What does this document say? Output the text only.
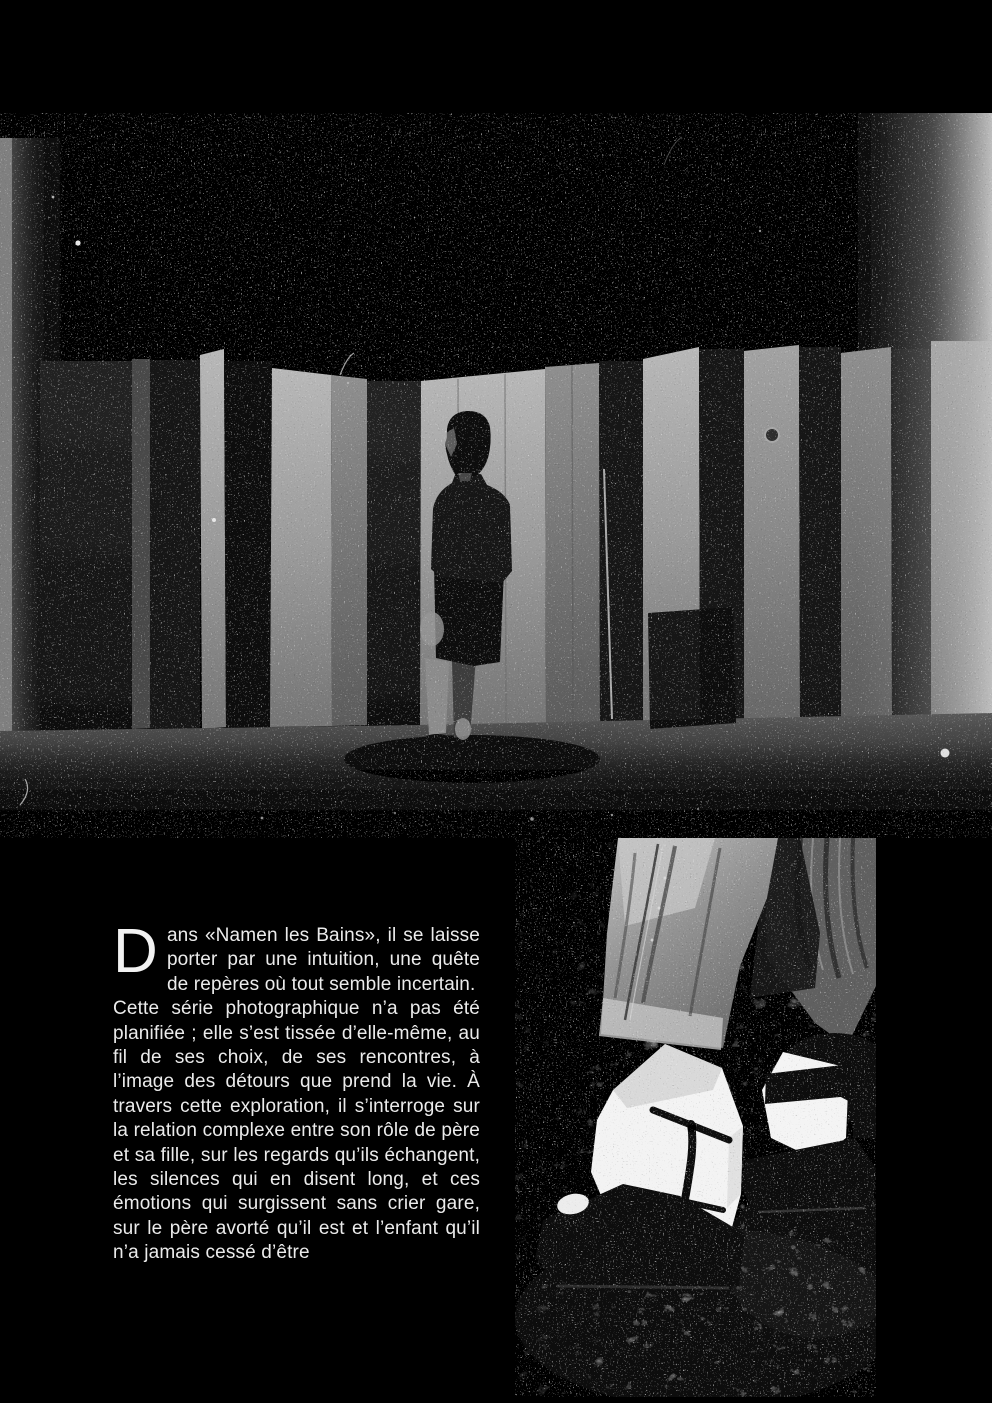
Dans «Namen les Bains», il se laisse porter par une intuition, une quête de repères où tout semble incertain.

Cette série photographique n’a pas été planifiée ; elle s’est tissée d’elle-même, au fil de ses choix, de ses rencontres, à l’image des détours que prend la vie. À travers cette exploration, il s’interroge sur la relation complexe entre son rôle de père et sa fille, sur les regards qu’ils échangent, les silences qui en disent long, et ces émotions qui surgissent sans crier gare, sur le père avorté qu’il est et l’enfant qu’il n’a jamais cessé d’être
